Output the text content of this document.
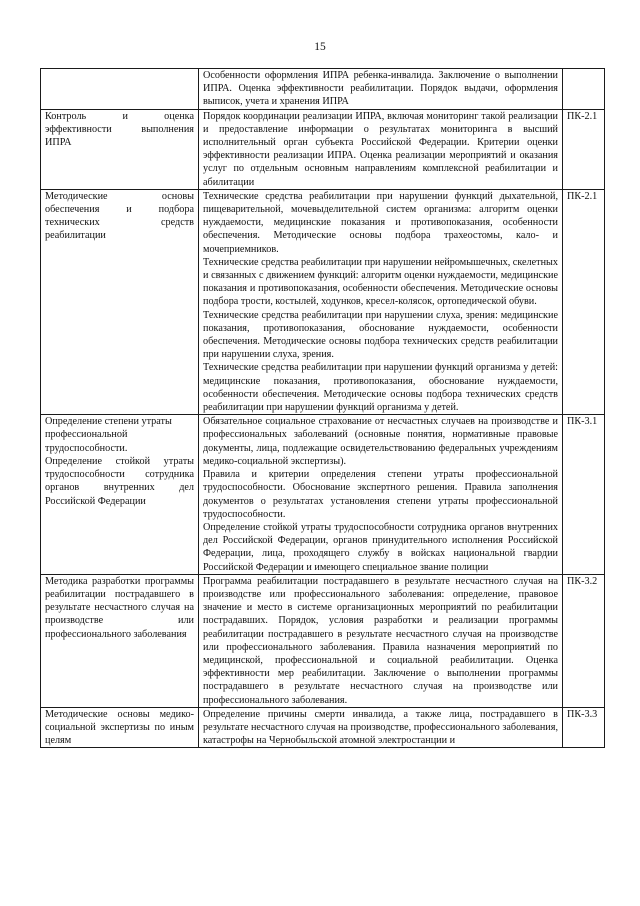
15

	Особенности оформления ИПРА ребенка-инвалида. Заключение о выполнении ИПРА. Оценка эффективности реабилитации. Порядок выдачи, оформления выписок, учета и хранения ИПРА	

Контроль и оценка эффективности выполнения ИПРА	Порядок координации реализации ИПРА, включая мониторинг такой реализации и предоставление информации о результатах мониторинга в высший исполнительный орган субъекта Российской Федерации. Критерии оценки эффективности реализации ИПРА. Оценка реализации мероприятий и оказания услуг по отдельным основным направлениям комплексной реабилитации и абилитации	ПК-2.1
Методические основы обеспечения и подбора технических средств реабилитации	Технические средства реабилитации при нарушении функций дыхательной, пищеварительной, мочевыделительной систем организма: алгоритм оценки нуждаемости, медицинские показания и противопоказания, особенности обеспечения. Методические основы подбора трахеостомы, кало- и мочеприемников.
Технические средства реабилитации при нарушении нейромышечных, скелетных и связанных с движением функций: алгоритм оценки нуждаемости, медицинские показания и противопоказания, особенности обеспечения. Методические основы подбора трости, костылей, ходунков, кресел-колясок, ортопедической обуви.
Технические средства реабилитации при нарушении слуха, зрения: медицинские показания, противопоказания, обоснование нуждаемости, особенности обеспечения. Методические основы подбора технических средств реабилитации при нарушении слуха, зрения.
Технические средства реабилитации при нарушении функций организма у детей: медицинские показания, противопоказания, обоснование нуждаемости, особенности обеспечения. Методические основы подбора технических средств реабилитации при нарушении функций организма у детей.	ПК-2.1

Определение степени утраты профессиональной трудоспособности.
Определение стойкой утраты трудоспособности сотрудника органов внутренних дел Российской Федерации	Обязательное социальное страхование от несчастных случаев на производстве и профессиональных заболеваний (основные понятия, нормативные правовые документы, лица, подлежащие освидетельствованию федеральных учреждениям медико-социальной экспертизы).
Правила и критерии определения степени утраты профессиональной трудоспособности. Обоснование экспертного решения. Правила заполнения документов о результатах установления степени утраты профессиональной трудоспособности.
Определение стойкой утраты трудоспособности сотрудника органов внутренних дел Российской Федерации, органов принудительного исполнения Российской Федерации, лица, проходящего службу в войсках национальной гвардии Российской Федерации и имеющего специальное звание полиции	ПК-3.1
Методика разработки программы реабилитации пострадавшего в результате несчастного случая на производстве или профессионального заболевания	Программа реабилитации пострадавшего в результате несчастного случая на производстве или профессионального заболевания: определение, правовое значение и место в системе организационных мероприятий по реабилитации пострадавших. Порядок, условия разработки и реализации программы реабилитации пострадавшего в результате несчастного случая на производстве или профессионального заболевания. Правила назначения мероприятий по медицинской, профессиональной и социальной реабилитации. Оценка эффективности мер реабилитации. Заключение о выполнении программы пострадавшего в результате несчастного случая на производстве или профессионального заболевания.	ПК-3.2
Методические основы медико-социальной экспертизы по иным целям	Определение причины смерти инвалида, а также лица, пострадавшего в результате несчастного случая на производстве, профессионального заболевания, катастрофы на Чернобыльской атомной электростанции и	ПК-3.3
